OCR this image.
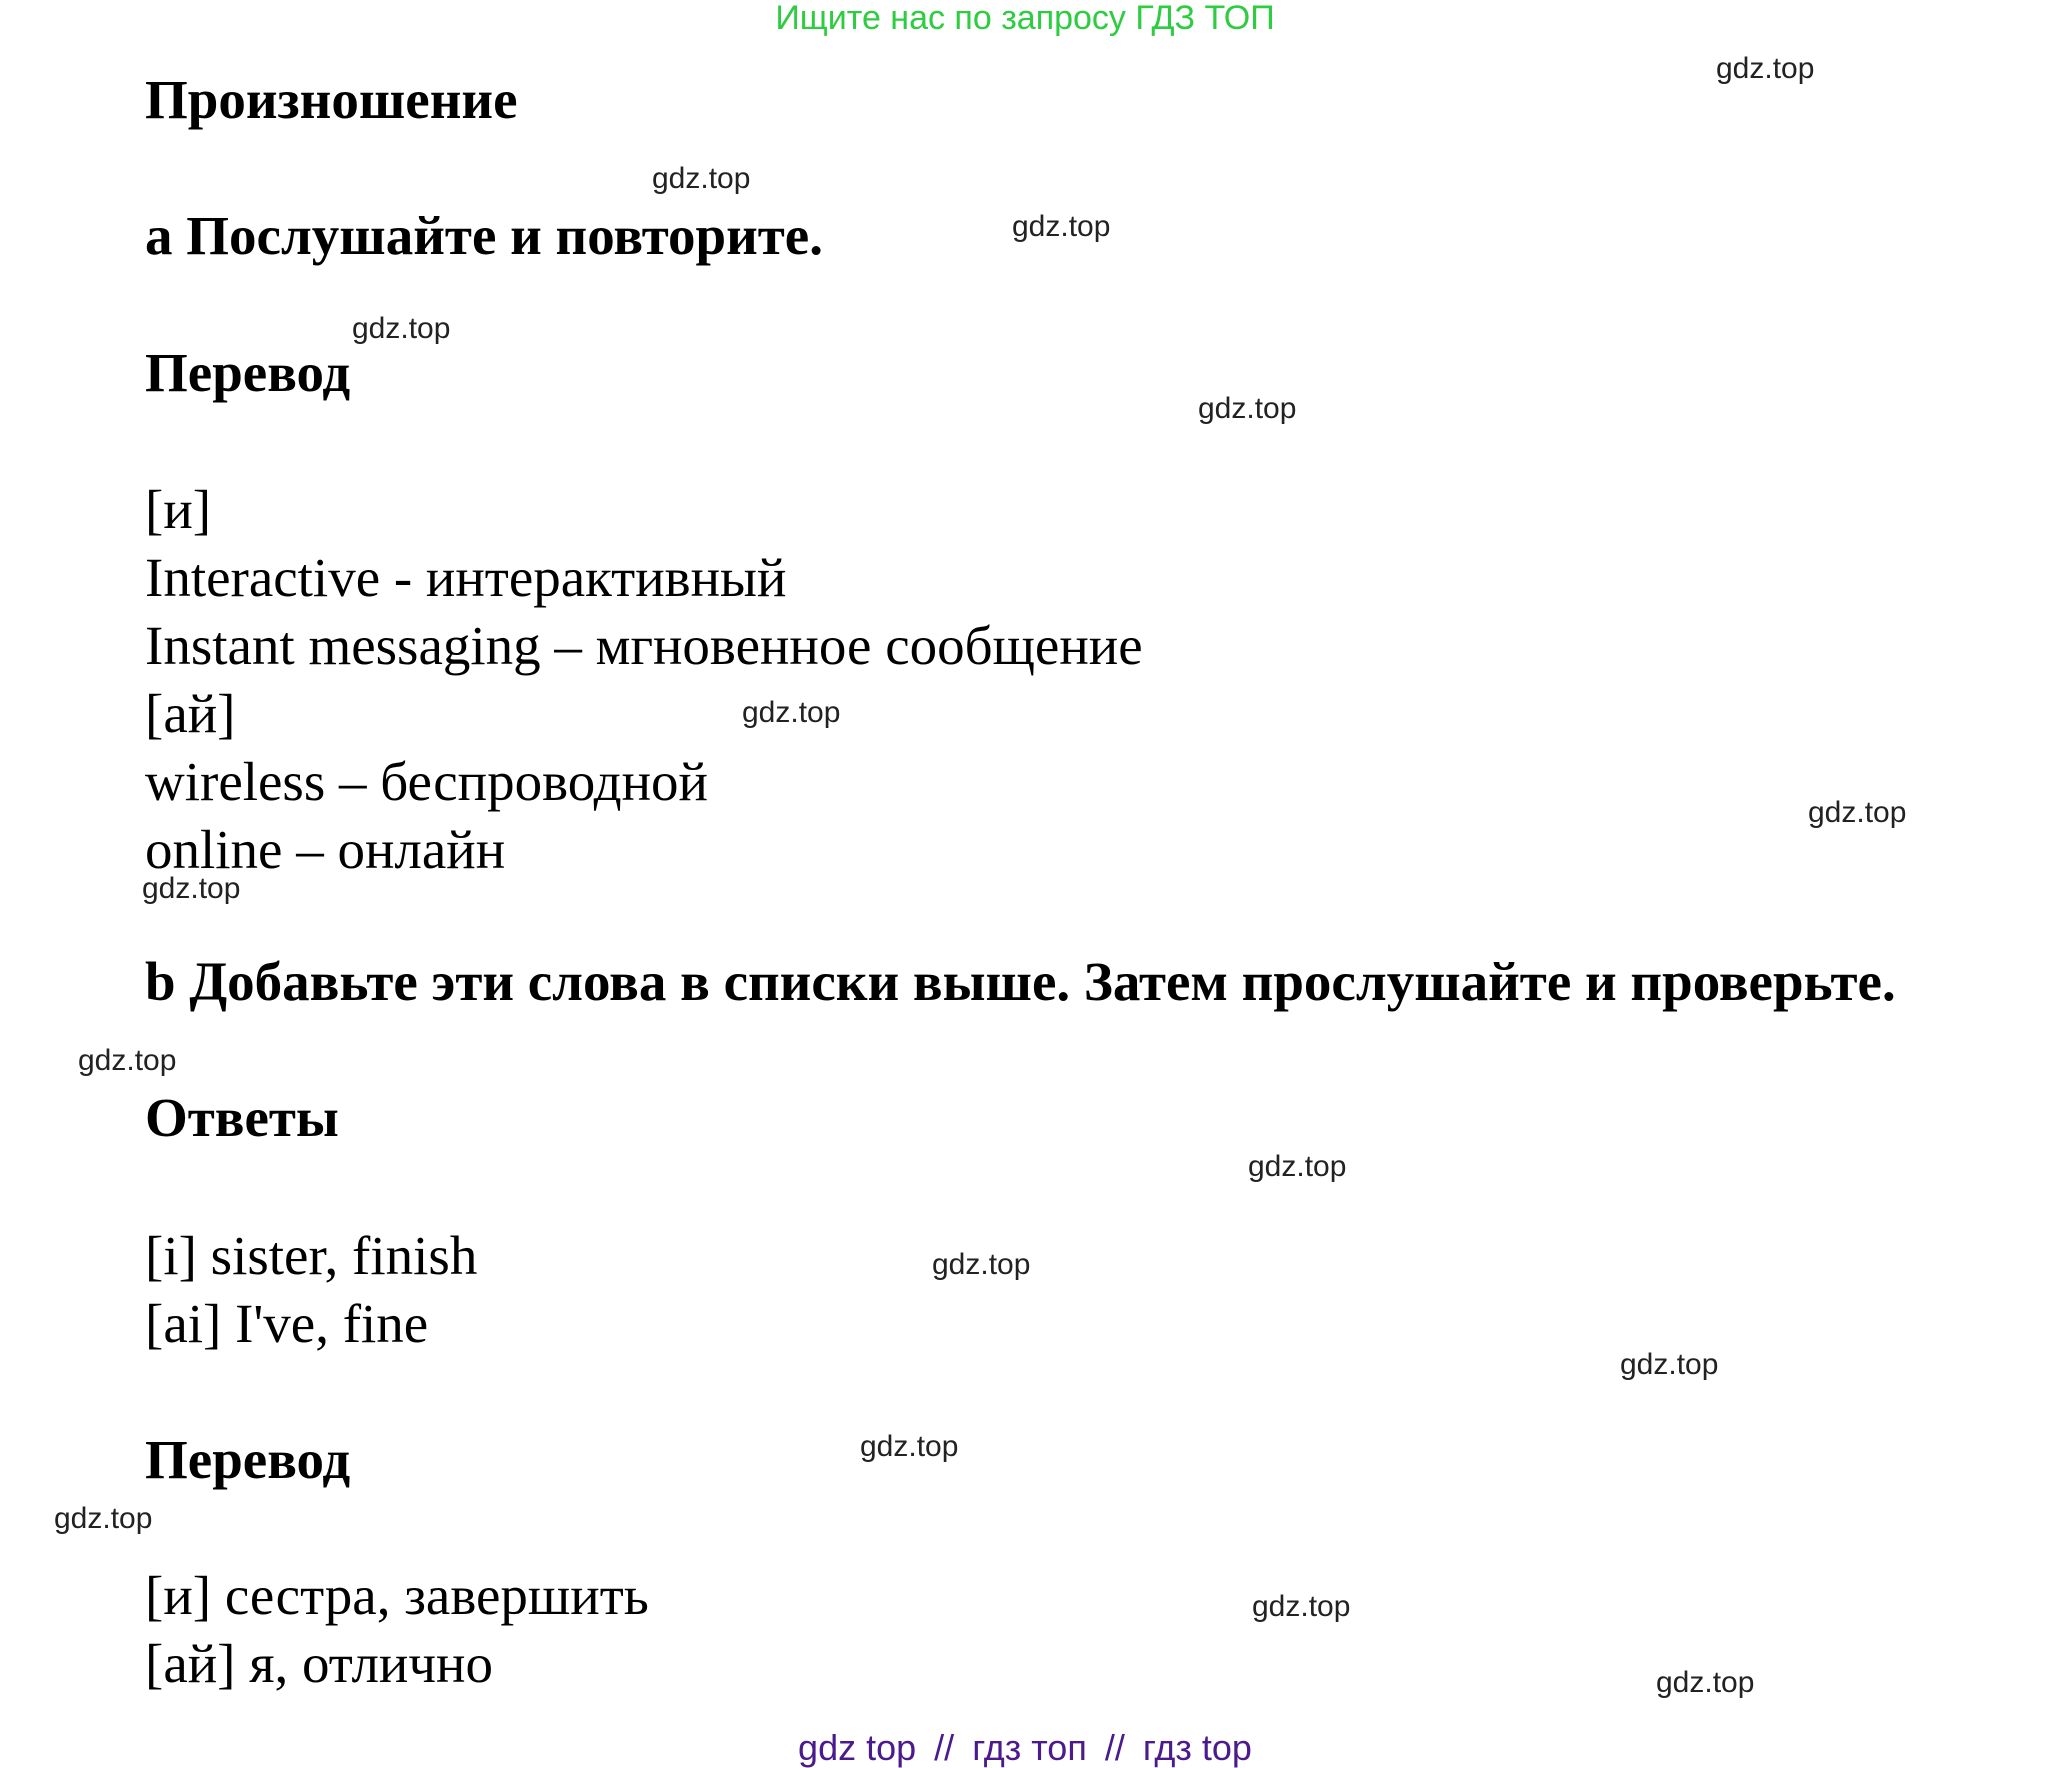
Ищите нас по запросу ГДЗ ТОП
Произношение
a Послушайте и повторите.
Перевод
[и]
Interactive - интерактивный
Instant messaging – мгновенное сообщение
[ай]
wireless – беспроводной
online – онлайн
b Добавьте эти слова в списки выше. Затем прослушайте и проверьте.
Ответы
[i] sister, finish
[ai] I've, fine
Перевод
[и] сестра, завершить
[ай] я, отлично
gdz.top
gdz.top
gdz.top
gdz.top
gdz.top
gdz.top
gdz.top
gdz.top
gdz.top
gdz.top
gdz.top
gdz.top
gdz.top
gdz.top
gdz.top
gdz.top
gdz top // гдз топ // гдз top
